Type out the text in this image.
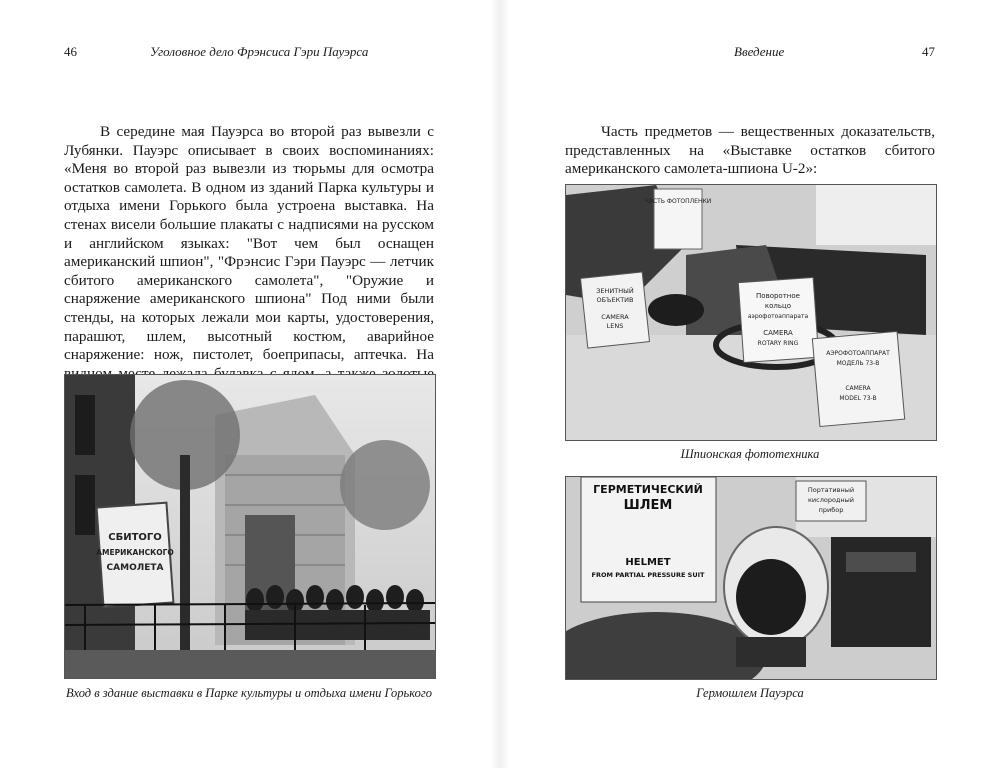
46	Уголовное дело Фрэнсиса Гэри Пауэрса

В середине мая Пауэрса во второй раз вывезли с Лубянки. Пауэрс описывает в своих воспоминаниях: «Меня во второй раз вывезли из тюрьмы для осмотра остатков самолета. В одном из зданий Парка культуры и отдыха имени Горького была устроена выставка. На стенах висели большие плакаты с надписями на русском и английском языках: "Вот чем был оснащен американский шпион", "Фрэнсис Гэри Пауэрс — летчик сбитого американского самолета", "Оружие и снаряжение американского шпиона" Под ними были стенды, на которых лежали мои карты, удостоверения, парашют, шлем, высотный костюм, аварийное снаряжение: нож, пистолет, боеприпасы, аптечка. На

СБИТОГО
АМЕРИКАНСКОГО
САМОЛЕТА
Вход в здание выставки в Парке культуры и отдыха имени Горького
Введение	47

Часть предметов — вещественных доказательств, представленных на «Выставке остатков сбитого американского самолета-шпиона U-2»:

ЧАСТЬ ФОТОПЛЕНКИ
ЗЕНИТНЫЙ
ОБЪЕКТИВ
CAMERA
LENS
Поворотное
кольцо
аэрофотоаппарата
CAMERA
ROTARY RING
АЭРОФОТОАППАРАТ
МОДЕЛЬ 73-В
CAMERA
MODEL 73-B
Шпионская фототехника
ГЕРМЕТИЧЕСКИЙ
ШЛЕМ
HELMET
FROM PARTIAL PRESSURE SUIT
Портативный
кислородный
прибор
Гермошлем Пауэрса
